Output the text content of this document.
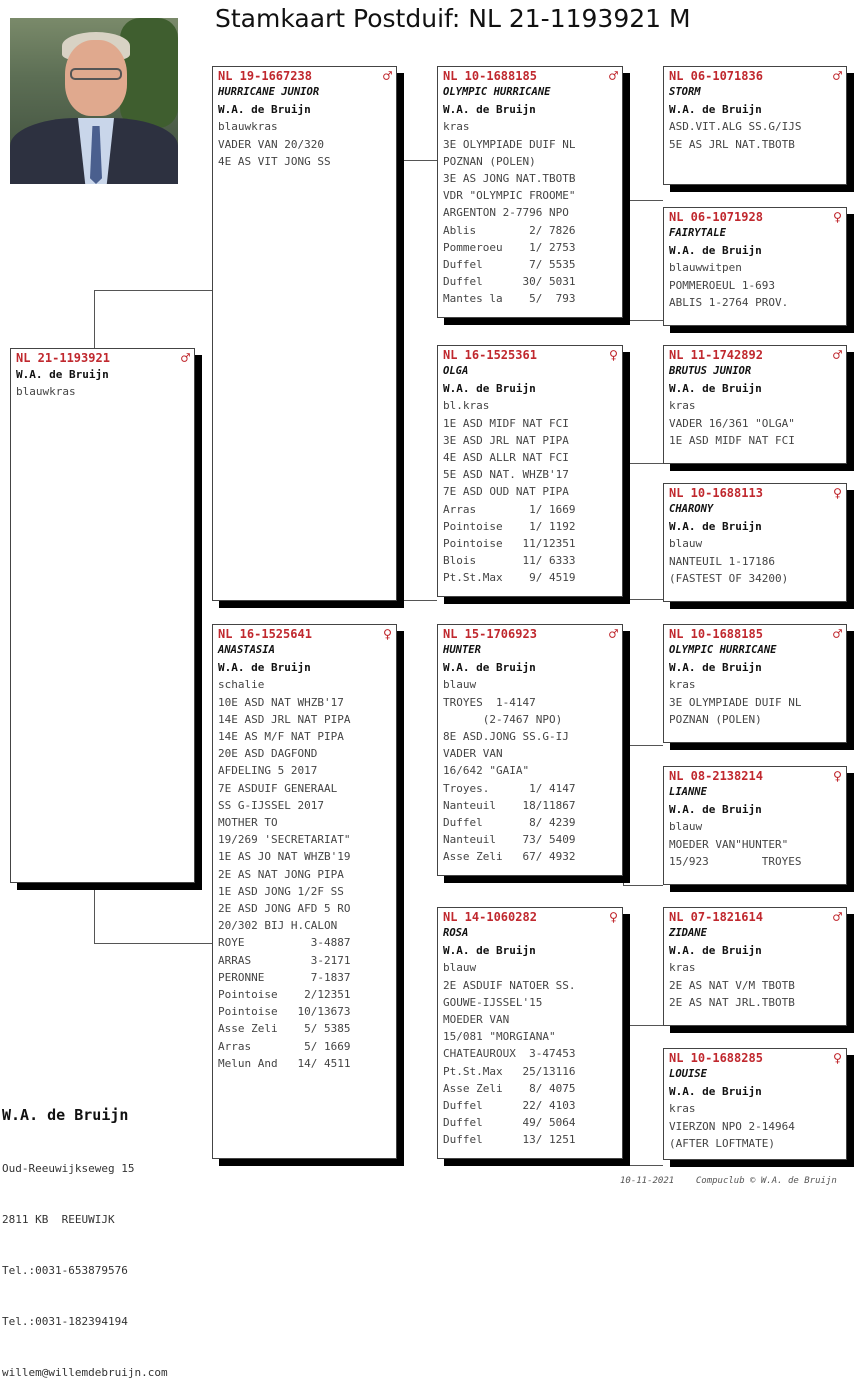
Stamkaart Postduif: NL 21-1193921 M
NL 21-1193921	♂
W.A. de Bruijn
blauwkras
NL 19-1667238	♂
HURRICANE JUNIOR
W.A. de Bruijn
blauwkras
VADER VAN 20/320
4E AS VIT JONG SS
NL 16-1525641	♀
ANASTASIA
W.A. de Bruijn
schalie
10E ASD NAT WHZB'17
14E ASD JRL NAT PIPA
14E AS M/F NAT PIPA
20E ASD DAGFOND
AFDELING 5 2017
7E ASDUIF GENERAAL
SS G-IJSSEL 2017
MOTHER TO
19/269 'SECRETARIAT"
1E AS JO NAT WHZB'19
2E AS NAT JONG PIPA
1E ASD JONG 1/2F SS
2E ASD JONG AFD 5 RO
20/302 BIJ H.CALON
ROYE          3-4887
ARRAS         3-2171
PERONNE       7-1837
Pointoise    2/12351
Pointoise   10/13673
Asse Zeli    5/ 5385
Arras        5/ 1669
Melun And   14/ 4511
NL 10-1688185	♂
OLYMPIC HURRICANE
W.A. de Bruijn
kras
3E OLYMPIADE DUIF NL
POZNAN (POLEN)
3E AS JONG NAT.TBOTB
VDR "OLYMPIC FROOME"
ARGENTON 2-7796 NPO
Ablis        2/ 7826
Pommeroeu    1/ 2753
Duffel       7/ 5535
Duffel      30/ 5031
Mantes la    5/  793
NL 16-1525361	♀
OLGA
W.A. de Bruijn
bl.kras
1E ASD MIDF NAT FCI
3E ASD JRL NAT PIPA
4E ASD ALLR NAT FCI
5E ASD NAT. WHZB'17
7E ASD OUD NAT PIPA
Arras        1/ 1669
Pointoise    1/ 1192
Pointoise   11/12351
Blois       11/ 6333
Pt.St.Max    9/ 4519
NL 15-1706923	♂
HUNTER
W.A. de Bruijn
blauw
TROYES  1-4147
(2-7467 NPO)
8E ASD.JONG SS.G-IJ
VADER VAN
16/642 "GAIA"
Troyes.      1/ 4147
Nanteuil    18/11867
Duffel       8/ 4239
Nanteuil    73/ 5409
Asse Zeli   67/ 4932
NL 14-1060282	♀
ROSA
W.A. de Bruijn
blauw
2E ASDUIF NATOER SS.
GOUWE-IJSSEL'15
MOEDER VAN
15/081 "MORGIANA"
CHATEAUROUX  3-47453
Pt.St.Max   25/13116
Asse Zeli    8/ 4075
Duffel      22/ 4103
Duffel      49/ 5064
Duffel      13/ 1251
NL 06-1071836	♂
STORM
W.A. de Bruijn
ASD.VIT.ALG SS.G/IJS
5E AS JRL NAT.TBOTB
NL 06-1071928	♀
FAIRYTALE
W.A. de Bruijn
blauwwitpen
POMMEROEUL 1-693
ABLIS 1-2764 PROV.
NL 11-1742892	♂
BRUTUS JUNIOR
W.A. de Bruijn
kras
VADER 16/361 "OLGA"
1E ASD MIDF NAT FCI
NL 10-1688113	♀
CHARONY
W.A. de Bruijn
blauw
NANTEUIL 1-17186
(FASTEST OF 34200)
NL 10-1688185	♂
OLYMPIC HURRICANE
W.A. de Bruijn
kras
3E OLYMPIADE DUIF NL
POZNAN (POLEN)
NL 08-2138214	♀
LIANNE
W.A. de Bruijn
blauw
MOEDER VAN"HUNTER"
15/923        TROYES
NL 07-1821614	♂
ZIDANE
W.A. de Bruijn
kras
2E AS NAT V/M TBOTB
2E AS NAT JRL.TBOTB
NL 10-1688285	♀
LOUISE
W.A. de Bruijn
kras
VIERZON NPO 2-14964
(AFTER LOFTMATE)

W.A. de Bruijn

Oud-Reeuwijkseweg 15

2811 KB  REEUWIJK

Tel.:0031-653879576

Tel.:0031-182394194

willem@willemdebruijn.com

10-11-2021    Compuclub © W.A. de Bruijn
